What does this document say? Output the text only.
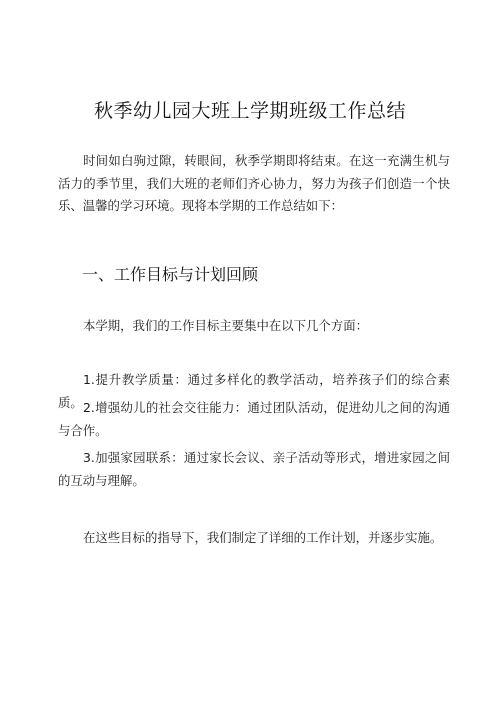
秋季幼儿园大班上学期班级工作总结

时间如白驹过隙，转眼间，秋季学期即将结束。在这一充满生机与活力的季节里，我们大班的老师们齐心协力，努力为孩子们创造一个快乐、温馨的学习环境。现将本学期的工作总结如下：

一、工作目标与计划回顾

本学期，我们的工作目标主要集中在以下几个方面：

1.提升教学质量：通过多样化的教学活动，培养孩子们的综合素质。 2.增强幼儿的社会交往能力：通过团队活动，促进幼儿之间的沟通与合作。

3.加强家园联系：通过家长会议、亲子活动等形式，增进家园之间的互动与理解。

在这些目标的指导下，我们制定了详细的工作计划，并逐步实施。
